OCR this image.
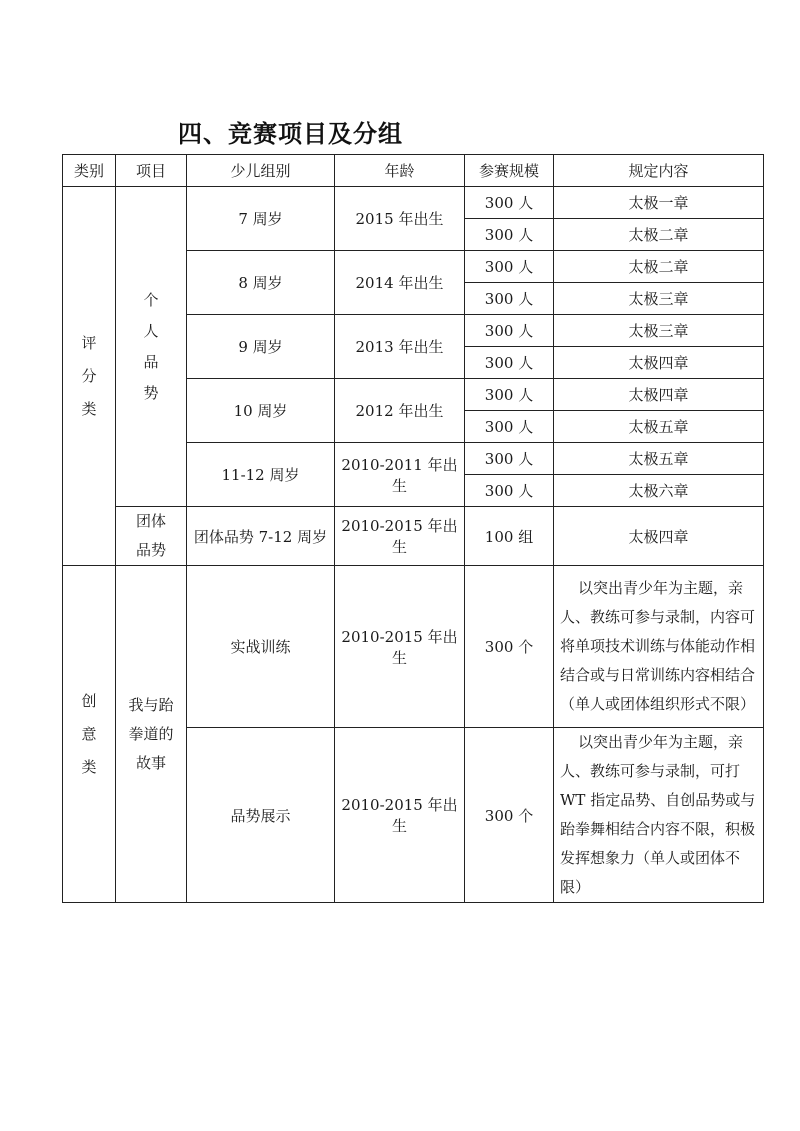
四、竞赛项目及分组
类别	项目	少儿组别	年龄	参赛规模	规定内容
评分类	个人品势	7 周岁	2015 年出生	300 人	太极一章
				300 人	太极二章
		8 周岁	2014 年出生	300 人	太极二章
				300 人	太极三章
		9 周岁	2013 年出生	300 人	太极三章
				300 人	太极四章
		10 周岁	2012 年出生	300 人	太极四章
				300 人	太极五章
		11-12 周岁	2010-2011 年出生	300 人	太极五章
				300 人	太极六章
	团体品势	团体品势 7-12 周岁	2010-2015 年出生	100 组	太极四章
创意类	我与跆拳道的故事	实战训练	2010-2015 年出生	300 个	以突出青少年为主题，亲人、教练可参与录制，内容可将单项技术训练与体能动作相结合或与日常训练内容相结合（单人或团体组织形式不限）

		品势展示	2010-2015 年出生	300 个	以突出青少年为主题，亲人、教练可参与录制，可打 WT 指定品势、自创品势或与跆拳舞相结合内容不限，积极发挥想象力（单人或团体不限）
